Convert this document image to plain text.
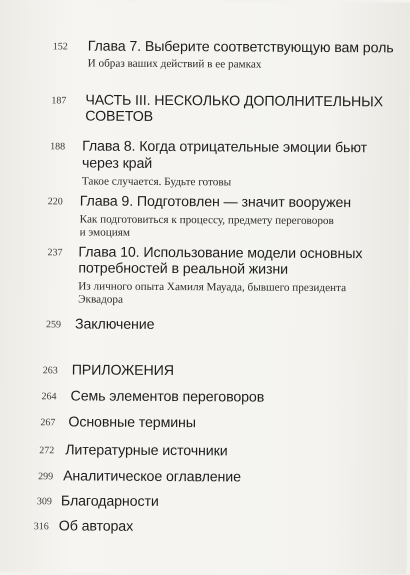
152 Глава 7. Выберите соответствующую вам роль
И образ ваших действий в ее рамках
187 ЧАСТЬ III. НЕСКОЛЬКО ДОПОЛНИТЕЛЬНЫХ
СОВЕТОВ
188 Глава 8. Когда отрицательные эмоции бьют
через край
Такое случается. Будьте готовы
220 Глава 9. Подготовлен — значит вооружен
Как подготовиться к процессу, предмету переговоров
и эмоциям
237 Глава 10. Использование модели основных
потребностей в реальной жизни
Из личного опыта Хамиля Мауада, бывшего президента
Эквадора
259 Заключение
263 ПРИЛОЖЕНИЯ
264 Семь элементов переговоров
267 Основные термины
272 Литературные источники
299 Аналитическое оглавление
309 Благодарности
316 Об авторах
